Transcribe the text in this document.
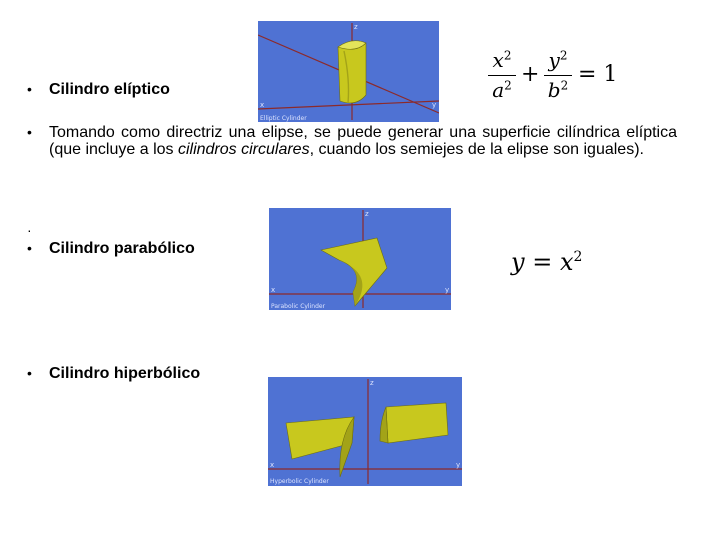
• Cilindro elíptico
z
x	y
Elliptic Cylinder
$x^2$
$a^2$ +
$y^2$
$b^2 = 1$
• Tomando como directriz una elipse, se puede generar una superficie cilíndrica elíptica (que incluye a los cilindros circulares, cuando los semiejes de la elipse son iguales).
·
• Cilindro parabólico
z
x	y
Parabolic Cylinder
$y = x^2$
• Cilindro hiperbólico
z
x	y
Hyperbolic Cylinder
